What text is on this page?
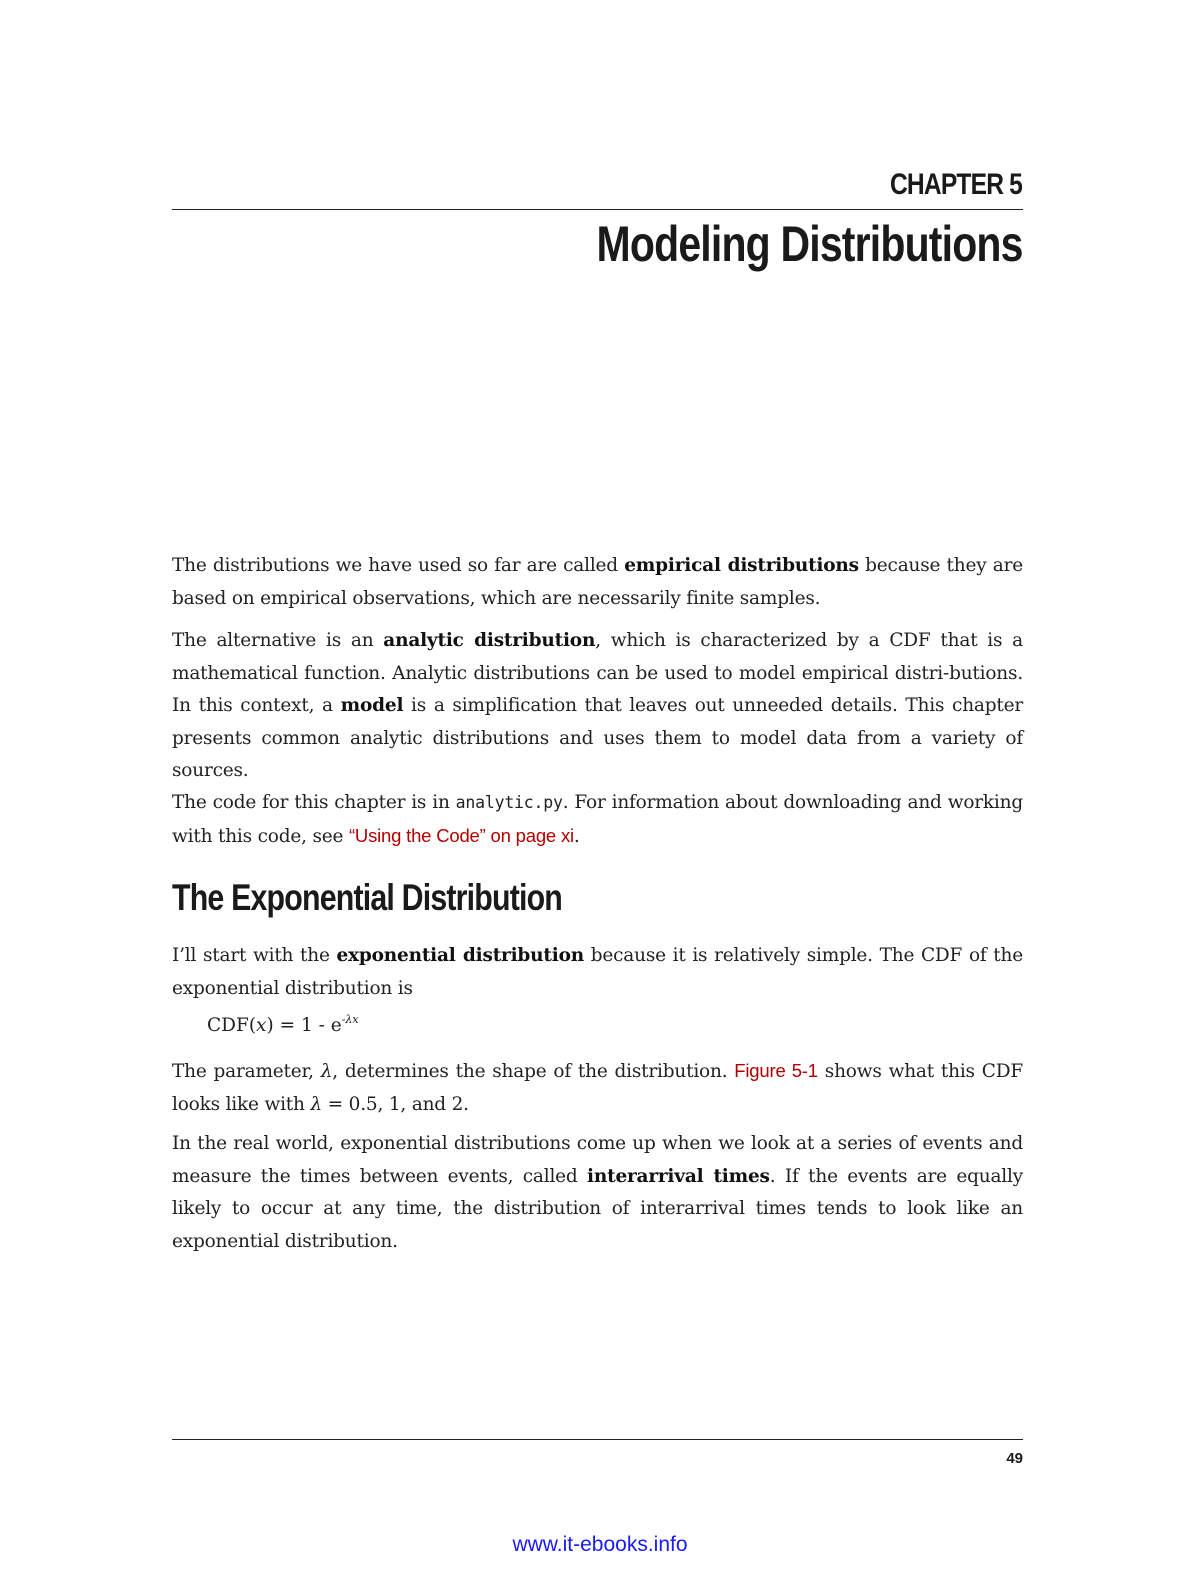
CHAPTER 5
Modeling Distributions

The distributions we have used so far are called empirical distributions because they are based on empirical observations, which are necessarily finite samples.

The alternative is an analytic distribution, which is characterized by a CDF that is a mathematical function. Analytic distributions can be used to model empirical distri-butions. In this context, a model is a simplification that leaves out unneeded details. This chapter presents common analytic distributions and uses them to model data from a variety of sources.

The code for this chapter is in analytic.py. For information about downloading and working with this code, see “Using the Code” on page xi.

The Exponential Distribution

I’ll start with the exponential distribution because it is relatively simple. The CDF of the exponential distribution is

$CDF(x) = 1 - e^{-\lambda x}$

The parameter, λ, determines the shape of the distribution. Figure 5-1 shows what this CDF looks like with λ = 0.5, 1, and 2.

In the real world, exponential distributions come up when we look at a series of events and measure the times between events, called interarrival times. If the events are equally likely to occur at any time, the distribution of interarrival times tends to look like an exponential distribution.

49
www.it-ebooks.info
